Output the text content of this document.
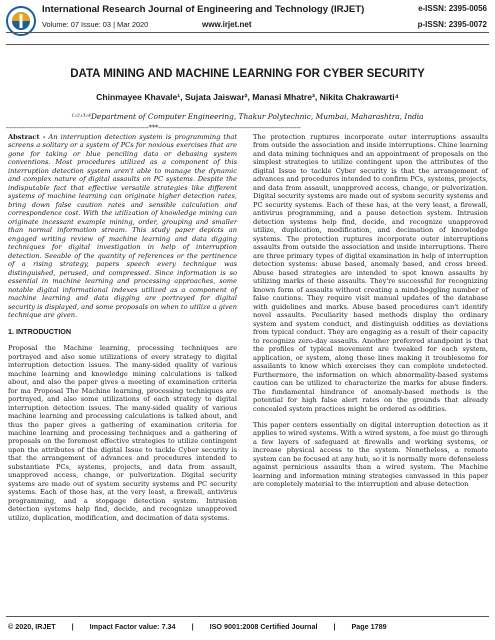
International Research Journal of Engineering and Technology (IRJET)	e-ISSN: 2395-0056
Volume: 07 Issue: 03 | Mar 2020	www.irjet.net	p-ISSN: 2395-0072
DATA MINING AND MACHINE LEARNING FOR CYBER SECURITY
Chinmayee Khavale¹, Sujata Jaiswar², Manasi Mhatre³, Nikita Chakrawarti⁴
¹ʴ²ʴ³ʴ⁴Department of Computer Engineering, Thakur Polytechnic, Mumbai, Maharashtra, India
---------------------------------------------------------------------***---------------------------------------------------------------------

Abstract - An interruption detection system is programming that screens a solitary or a system of PCs for noxious exercises that are gone for taking or blue penciling data or debasing system conventions. Most procedures utilized as a component of this interruption detection system aren't able to manage the dynamic and complex nature of digital assaults on PC systems. Despite the indisputable fact that effective versatile strategies like different systems of machine learning can originate higher detection rates, bring down false caution rates and sensible calculation and correspondence cost. With the utilization of knowledge mining can originate incessant example mining, order, grouping and smaller than normal information stream. This study paper depicts an engaged writing review of machine learning and data digging techniques for digital investigation in help of interruption detection. Seeable of the quantity of references or the pertinence of a rising strategy, papers speech every technique was distinguished, perused, and compressed. Since information is so essential in machine learning and processing approaches, some notable digital informational indexes utilized as a component of machine learning and data digging are portrayed for digital security is displayed, and some proposals on when to utilize a given technique are given.

1. INTRODUCTION

Proposal the Machine learning, processing techniques are portrayed and also some utilizations of every strategy to digital interruption detection issues. The many-sided quality of various machine learning and knowledge mining calculations is talked about, and also the paper gives a meeting of examination criteria for ma Proposal The Machine learning, processing techniques are portrayed, and also some utilizations of each strategy to digital interruption detection issues. The many-sided quality of various machine learning and processing calculations is talked about, and thus the paper gives a gathering of examination criteria for machine learning and processing techniques and a gathering of proposals on the foremost effective strategies to utilize contingent upon the attributes of the digital Issue to tackle Cyber security is that the arrangement of advances and procedures intended to substantiate PCs, systems, projects, and data from assault, unapproved access, change, or pulverization. Digital security systems are made out of system security systems and PC security systems. Each of those has, at the very least, a firewall, antivirus programming, and a stopgage detection system. Intrusion detection systems help find, decide, and recognize unapproved utilize, duplication, modification, and decimation of data systems.

The protection ruptures incorporate outer interruptions assaults from outside the association and inside interruptions. Chine learning and data mining techniques and an appointment of proposals on the simplest strategies to utilize contingent upon the attributes of the digital Issue to tackle Cyber security is that the arrangement of advances and procedures intended to confirm PCs, systems, projects, and data from assault, unapproved access, change, or pulverization. Digital security systems are made out of system security systems and PC security systems. Each of these has, at the very least, a firewall, antivirus programming, and a pause detection system. Intrusion detection systems help find, decide, and recognize unapproved utilize, duplication, modification, and decimation of knowledge systems. The protection ruptures incorporate outer interruptions assaults from outside the association and inside interruptions. There are three primary types of digital examination in help of interruption detection systems: abuse based, anomaly based, and cross breed. Abuse based strategies are intended to spot known assaults by utilizing marks of these assaults. They're successful for recognizing known form of assaults without creating a mind-boggling number of false cautions. They require visit manual updates of the database with guidelines and marks. Abuse based procedures can't identify novel assaults. Peculiarity based methods display the ordinary system and system conduct, and distinguish oddities as deviations from typical conduct. They are engaging as a result of their capacity to recognize zero-day assaults. Another preferred standpoint is that the profiles of typical movement are tweaked for each system, application, or system, along these lines making it troublesome for assailants to know which exercises they can complete undetected. Furthermore, the information on which abnormality-based systems caution can be utilized to characterize the marks for abuse finders. The fundamental hindrance of anomaly-based methods is the potential for high false alert rates on the grounds that already concealed system practices might be ordered as oddities.

This paper centers essentially on digital interruption detection as it applies to wired systems. With a wired system, a foe must go through a few layers of safeguard at firewalls and working systems, or increase physical access to the system. Nonetheless, a remote system can be focused at any hub, so it is normally more defenseless against pernicious assaults than a wired system. The Machine learning and information mining strategies canvassed in this paper are completely material to the interruption and abuse detection

© 2020, IRJET | Impact Factor value: 7.34 | ISO 9001:2008 Certified Journal | Page 1789
